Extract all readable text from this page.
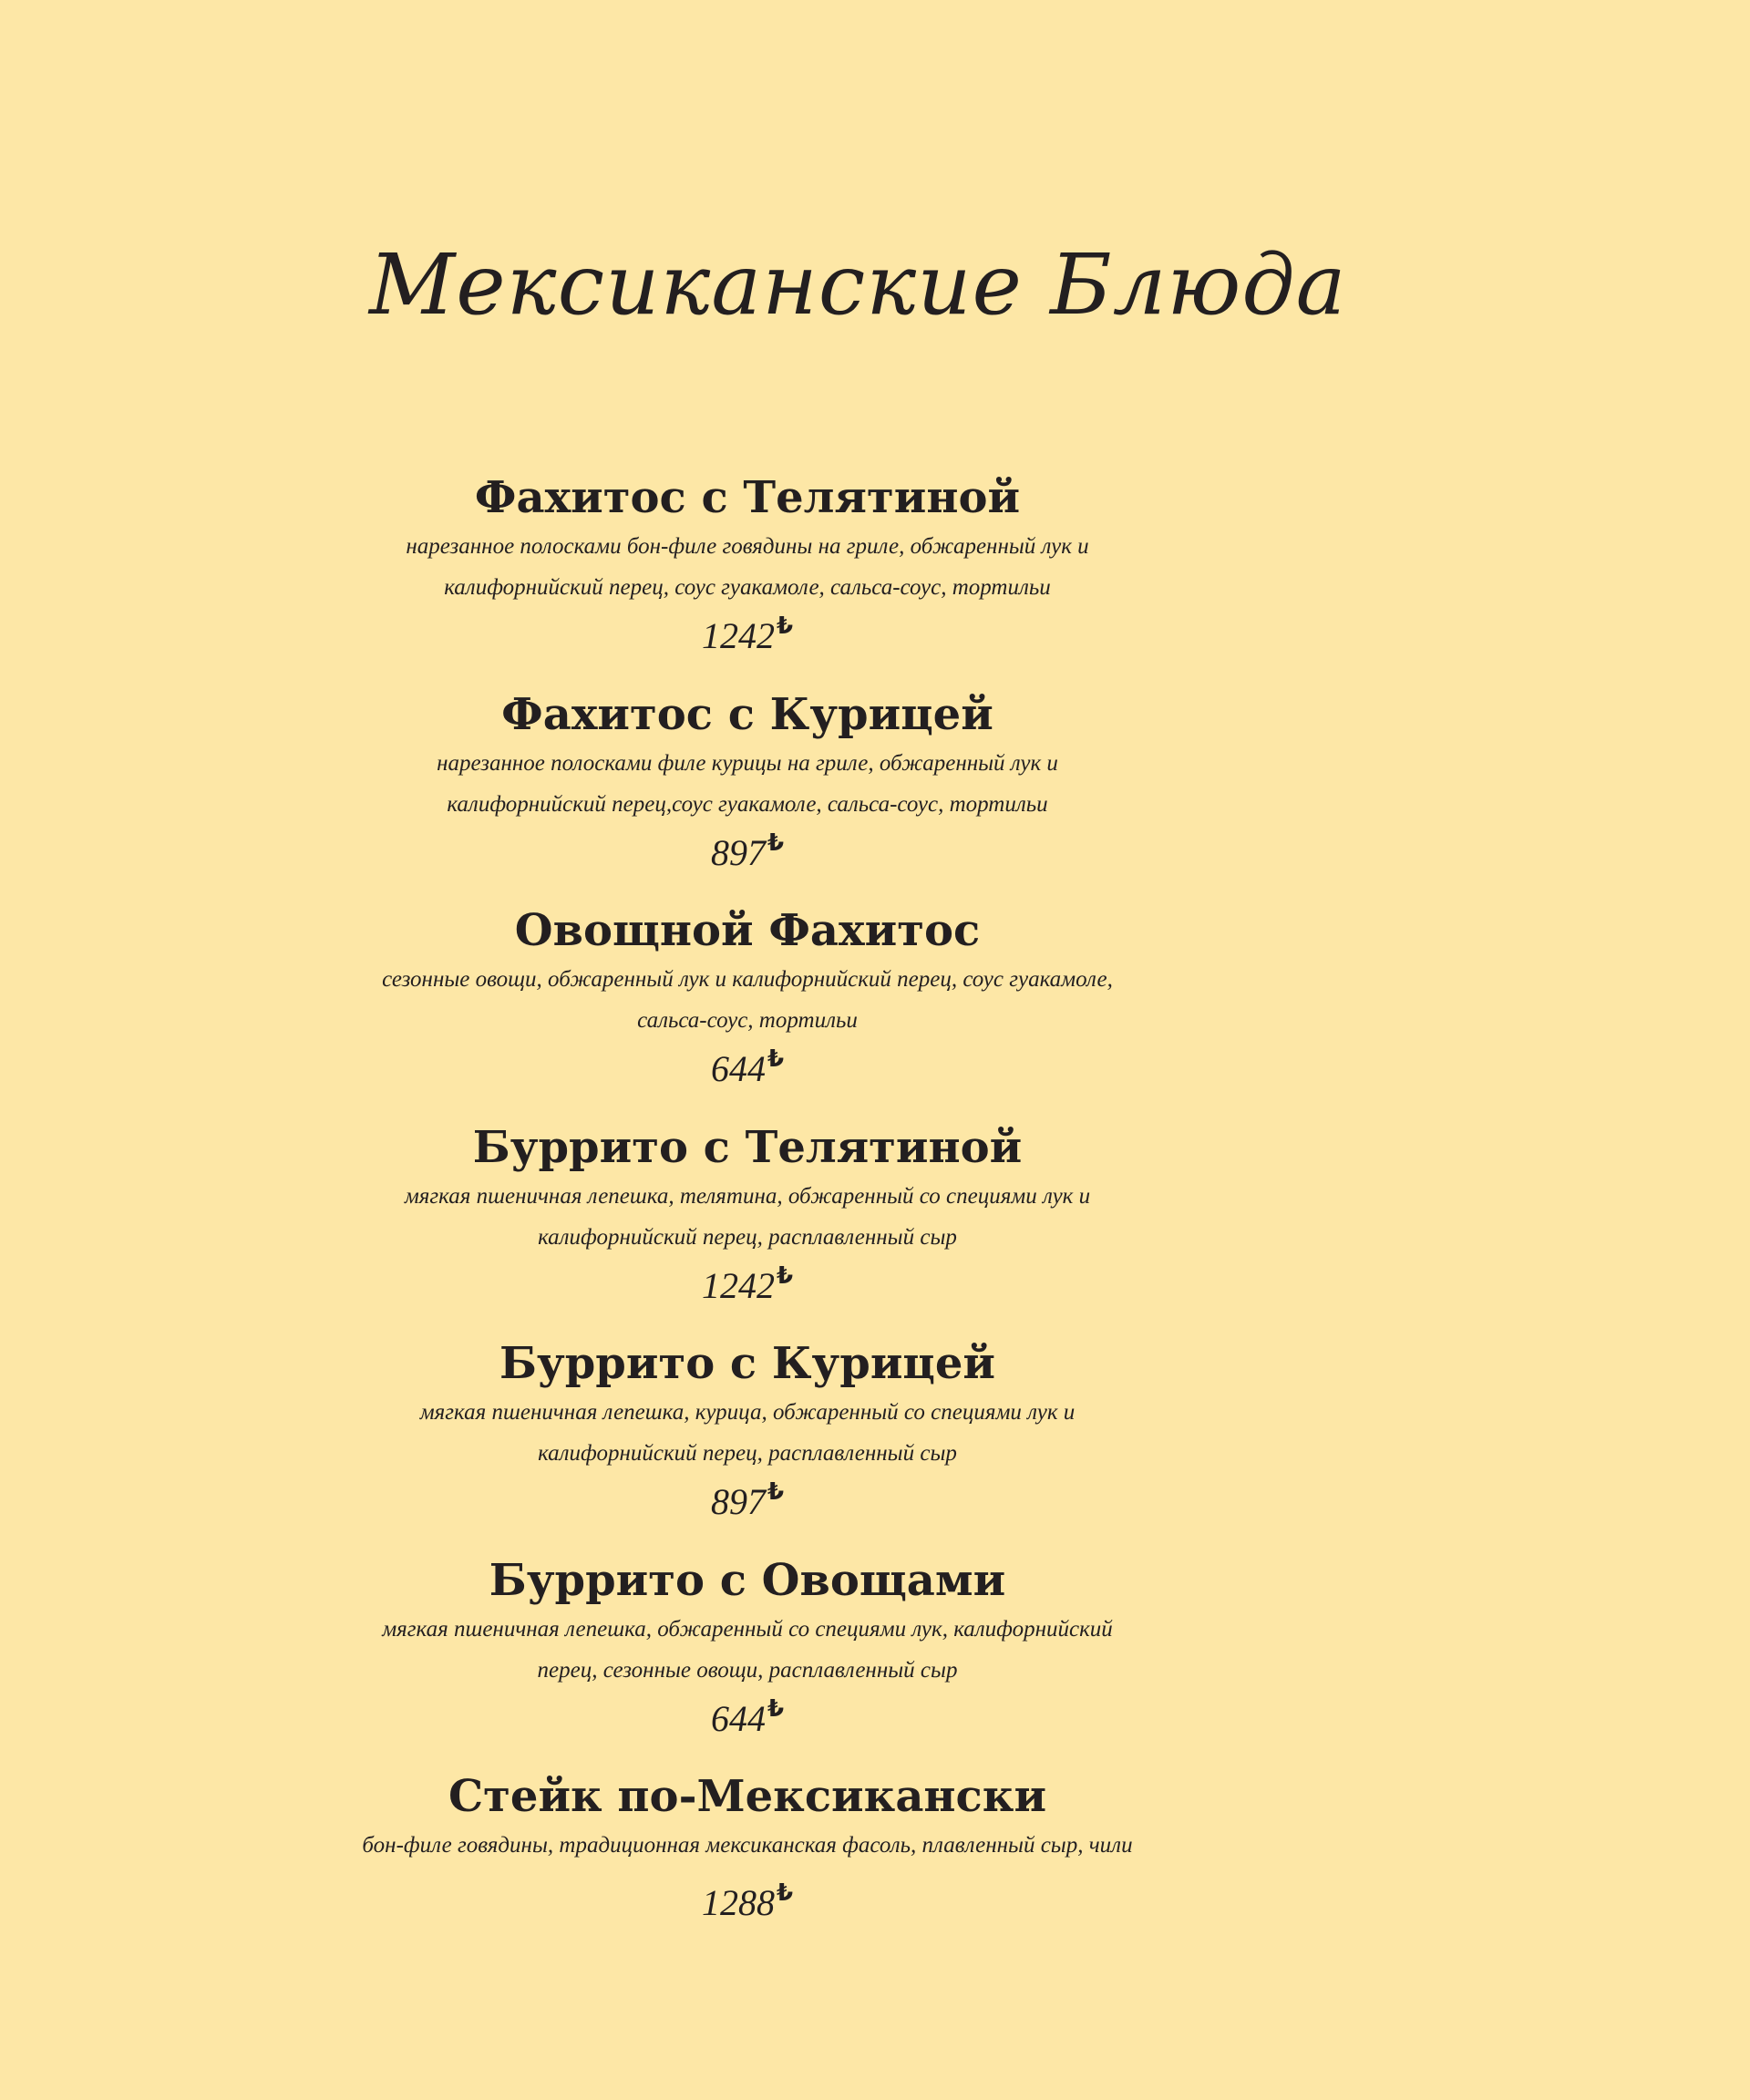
Мексиканские Блюда
Фахитос с Телятиной
нарезанное полосками бон-филе говядины на гриле, обжаренный лук и
калифорнийский перец, соус гуакамоле, сальса-соус, тортильи
1242₺
Фахитос с Курицей
нарезанное полосками филе курицы на гриле, обжаренный лук и
калифорнийский перец,соус гуакамоле, сальса-соус, тортильи
897₺
Овощной Фахитос
сезонные овощи, обжаренный лук и калифорнийский перец, соус гуакамоле,
сальса-соус, тортильи
644₺
Буррито с Телятиной
мягкая пшеничная лепешка, телятина, обжаренный со специями лук и
калифорнийский перец, расплавленный сыр
1242₺
Буррито с Курицей
мягкая пшеничная лепешка, курица, обжаренный со специями лук и
калифорнийский перец, расплавленный сыр
897₺
Буррито с Овощами
мягкая пшеничная лепешка, обжаренный со специями лук, калифорнийский
перец, сезонные овощи, расплавленный сыр
644₺
Стейк по-Мексикански
бон-филе говядины, традиционная мексиканская фасоль, плавленный сыр, чили
1288₺
